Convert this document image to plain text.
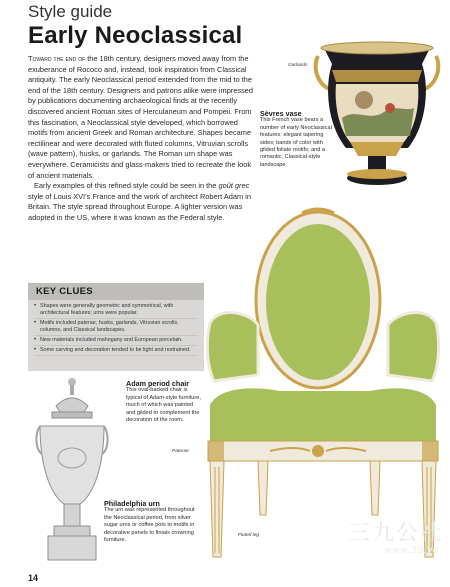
Style guide
Early Neoclassical

Toward the end of the 18th century, designers moved away from the exuberance of Rococo and, instead, took inspiration from Classical antiquity. The early Neoclassical period extended from the mid to the end of the 18th century. Designers and patrons alike were impressed by publications documenting archaeological finds at the recently discovered ancient Roman sites of Herculaneum and Pompeii. From this fascination, a Neoclassical style developed, which borrowed motifs from ancient Greek and Roman architecture. Shapes became rectilinear and were decorated with fluted columns, Vitruvian scrolls (wave pattern), husks, or garlands. The Roman urn shape was everywhere. Ceramicists and glass-makers tried to recreate the look of ancient materials.

Early examples of this refined style could be seen in the goût grec style of Louis XVI’s France and the work of architect Robert Adam in Britain. The style spread throughout Europe. A lighter version was adopted in the US, where it was known as the Federal style.

Garlands
Sèvres vase
This French vase bears a number of early Neoclassical features: elegant tapering sides; bands of color with gilded foliate motifs; and a romantic, Classical-style landscape.
KEY CLUES
• Shapes were generally geometric and symmetrical, with architectural features; urns were popular.
• Motifs included paterae, husks, garlands, Vitruvian scrolls, columns, and Classical landscapes.
• New materials included mahogany and European porcelain.
• Some carving and decoration tended to be light and restrained.
Adam period chair
This oval-backed chair is typical of Adam-style furniture, much of which was painted and gilded to complement the decoration of the room.
Paterae
Fluted leg
Philadelphia urn
The urn was represented throughout the Neoclassical period, from silver sugar urns or coffee pots to motifs in decorative panels to finials crowning furniture.
14
三九公社
www.39.vc
